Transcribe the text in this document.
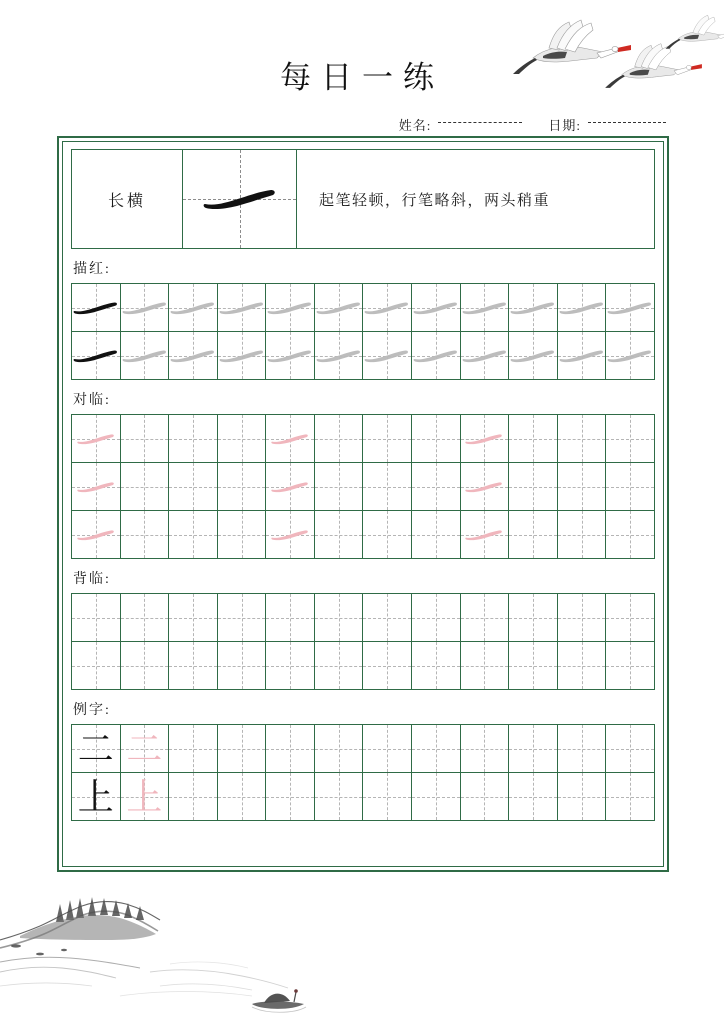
每日一练
姓名:	日期:
长横	起笔轻顿，行笔略斜，两头稍重
描红:
对临:
背临:
例字:
二 二
上 上
